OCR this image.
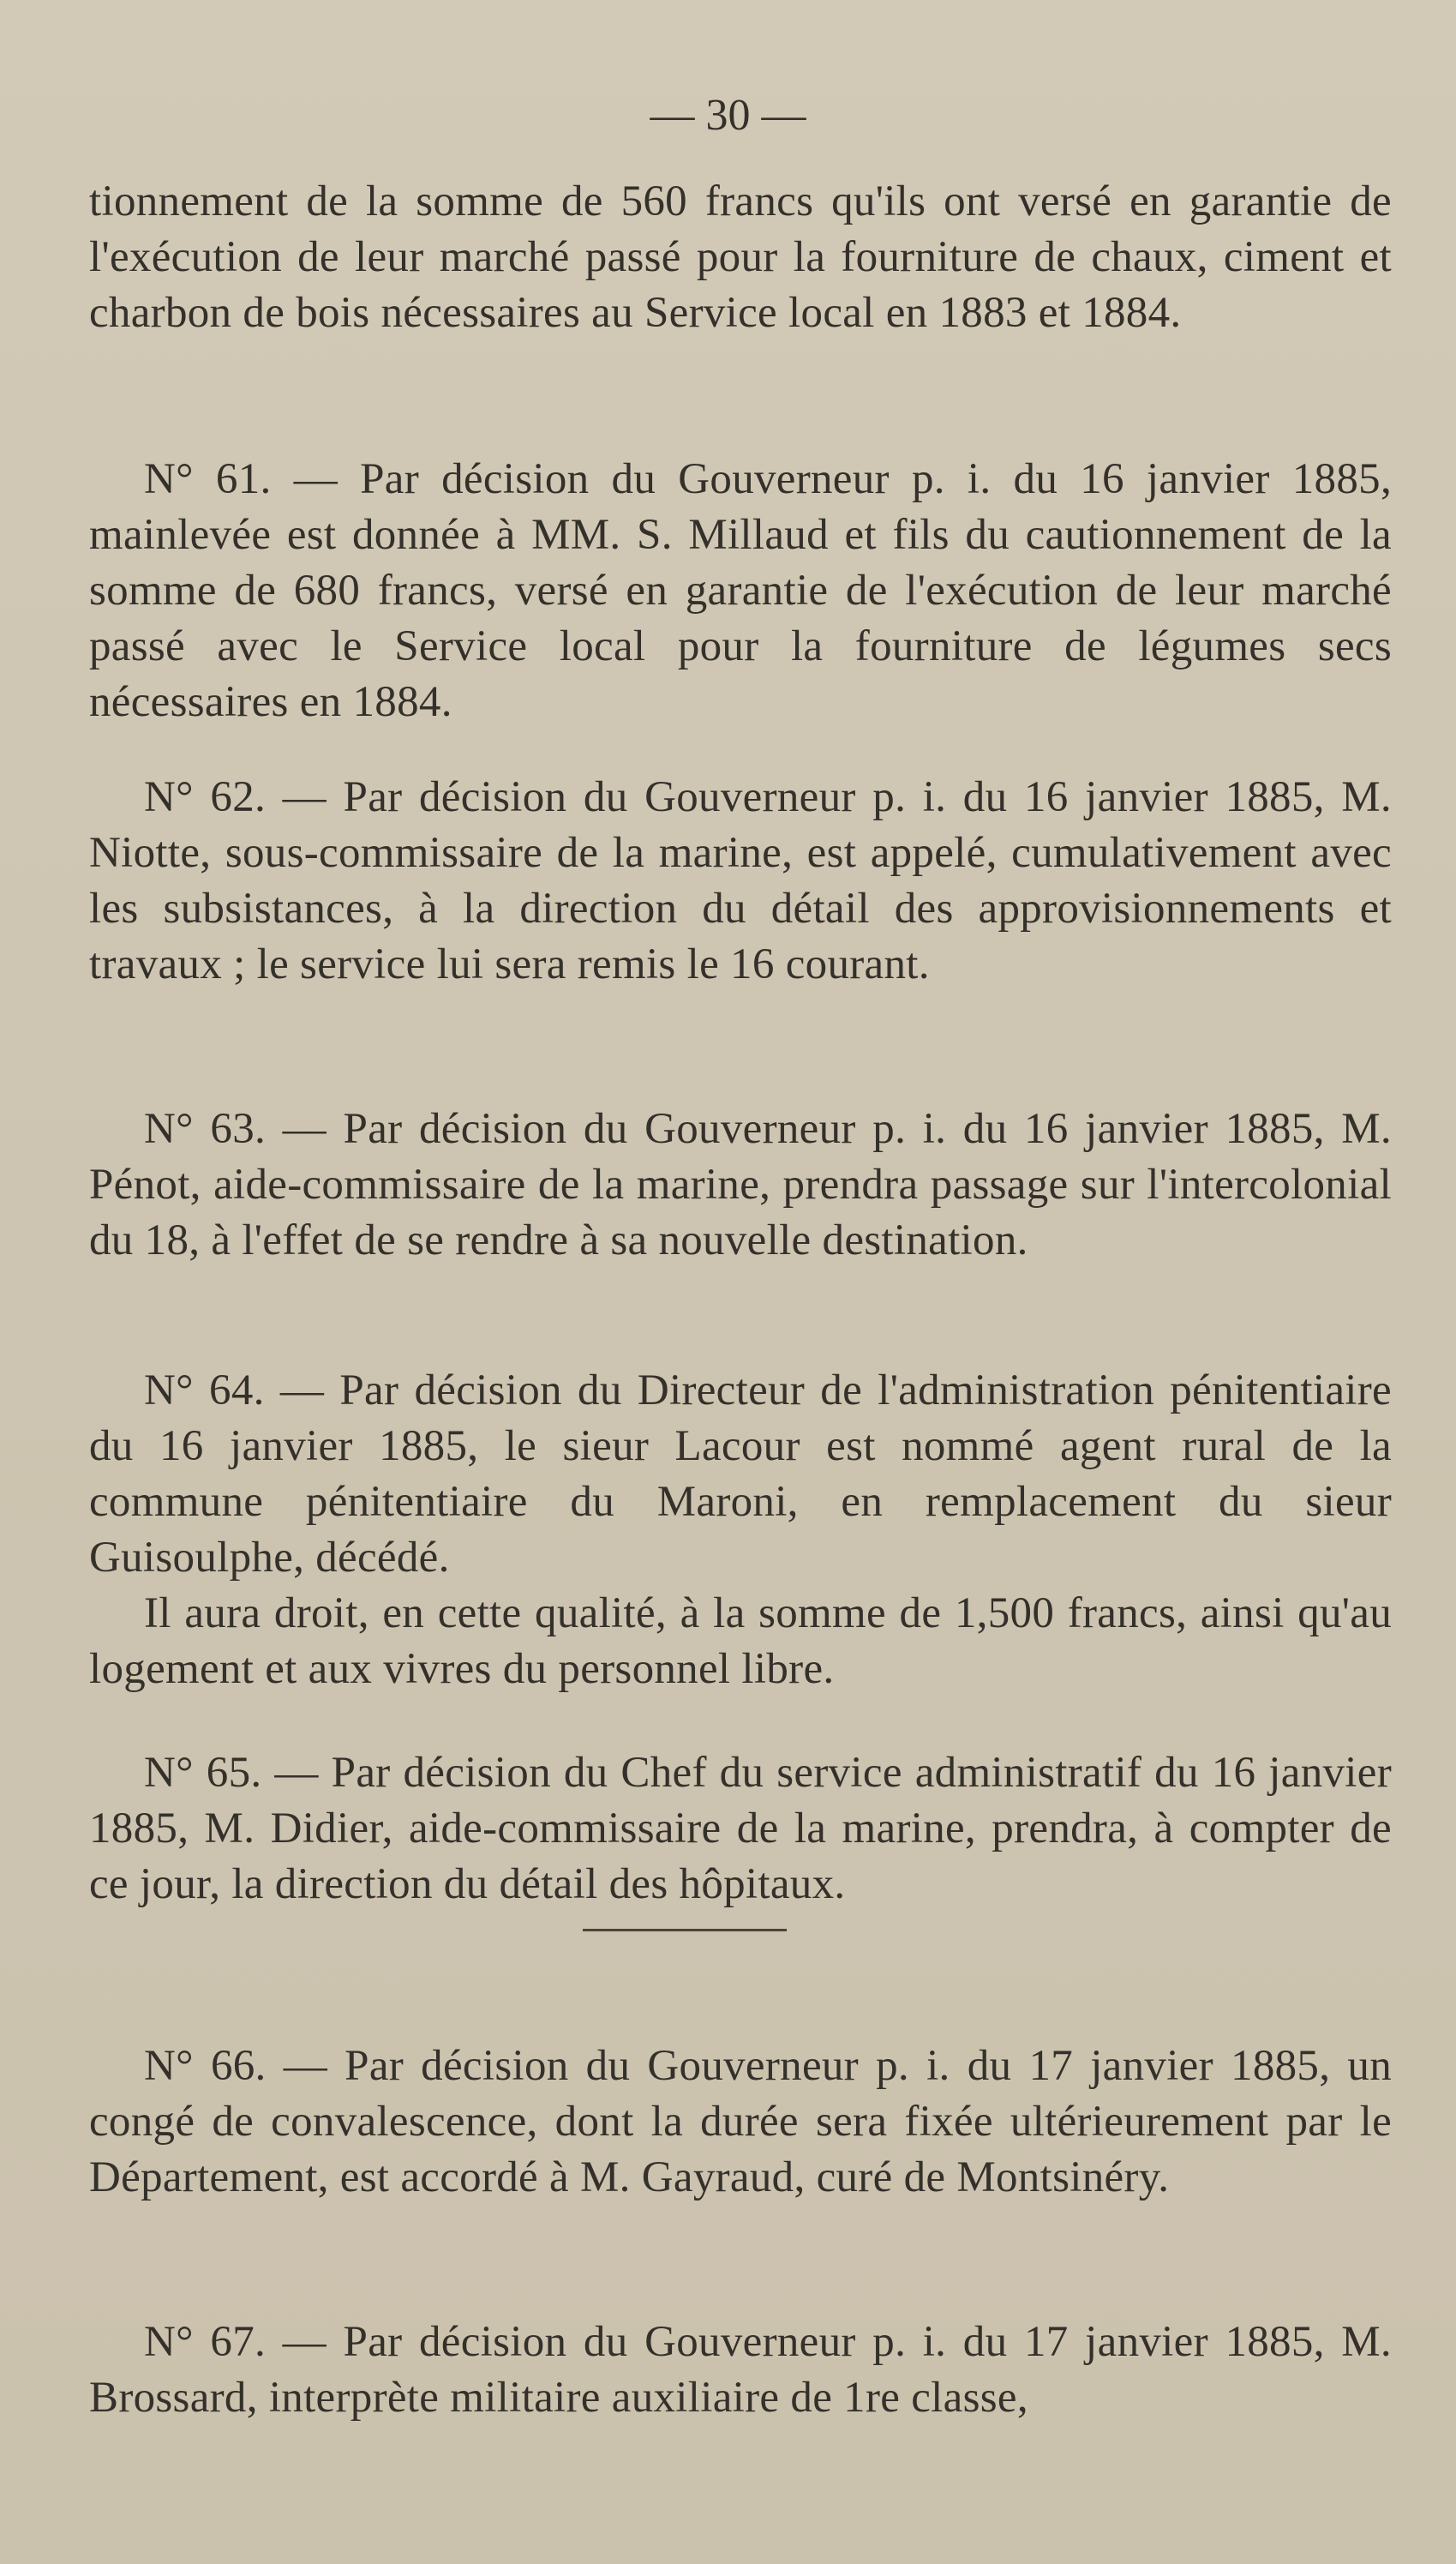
— 30 —

tionnement de la somme de 560 francs qu'ils ont versé en garantie de l'exécution de leur marché passé pour la fourniture de chaux, ciment et charbon de bois nécessaires au Service local en 1883 et 1884.

N° 61. — Par décision du Gouverneur p. i. du 16 janvier 1885, mainlevée est donnée à MM. S. Millaud et fils du cautionnement de la somme de 680 francs, versé en garantie de l'exécution de leur marché passé avec le Service local pour la fourniture de légumes secs nécessaires en 1884.

N° 62. — Par décision du Gouverneur p. i. du 16 janvier 1885, M. Niotte, sous-commissaire de la marine, est appelé, cumulativement avec les subsistances, à la direction du détail des approvisionnements et travaux ; le service lui sera remis le 16 courant.

N° 63. — Par décision du Gouverneur p. i. du 16 janvier 1885, M. Pénot, aide-commissaire de la marine, prendra passage sur l'intercolonial du 18, à l'effet de se rendre à sa nouvelle destination.

N° 64. — Par décision du Directeur de l'administration pénitentiaire du 16 janvier 1885, le sieur Lacour est nommé agent rural de la commune pénitentiaire du Maroni, en remplacement du sieur Guisoulphe, décédé.

Il aura droit, en cette qualité, à la somme de 1,500 francs, ainsi qu'au logement et aux vivres du personnel libre.

N° 65. — Par décision du Chef du service administratif du 16 janvier 1885, M. Didier, aide-commissaire de la marine, prendra, à compter de ce jour, la direction du détail des hôpitaux.

N° 66. — Par décision du Gouverneur p. i. du 17 janvier 1885, un congé de convalescence, dont la durée sera fixée ultérieurement par le Département, est accordé à M. Gayraud, curé de Montsinéry.

N° 67. — Par décision du Gouverneur p. i. du 17 janvier 1885, M. Brossard, interprète militaire auxiliaire de 1re classe,
